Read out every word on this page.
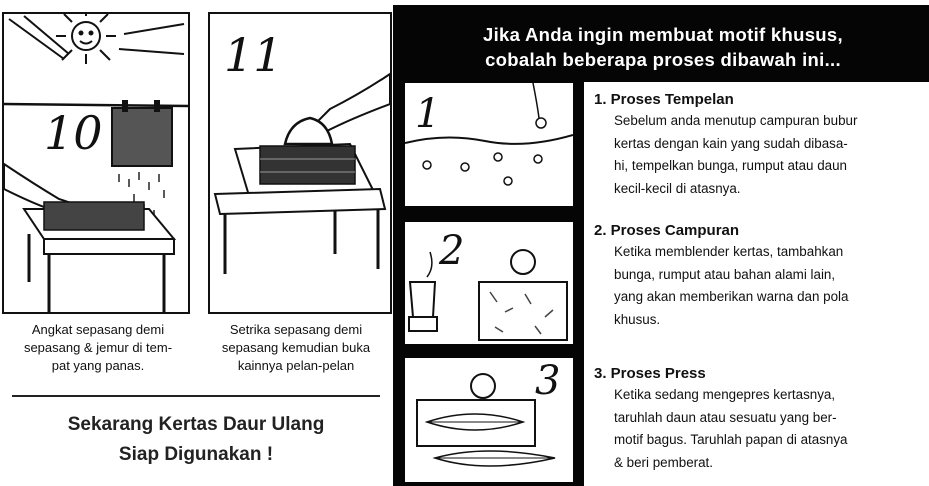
10
11
Angkat sepasang demi
sepasang & jemur di tem-
pat yang panas.
Setrika sepasang demi
sepasang kemudian buka
kainnya pelan-pelan
Sekarang Kertas Daur Ulang
Siap Digunakan !
Jika Anda ingin membuat motif khusus,
cobalah beberapa proses dibawah ini...
1
2
3
1. Proses Tempelan
Sebelum anda menutup campuran bubur
kertas dengan kain yang sudah dibasa-
hi, tempelkan bunga, rumput atau daun
kecil-kecil di atasnya.
2. Proses Campuran
Ketika memblender kertas, tambahkan
bunga, rumput atau bahan alami lain,
yang akan memberikan warna dan pola
khusus.
3. Proses Press
Ketika sedang mengepres kertasnya,
taruhlah daun atau sesuatu yang ber-
motif bagus. Taruhlah papan di atasnya
& beri pemberat.
